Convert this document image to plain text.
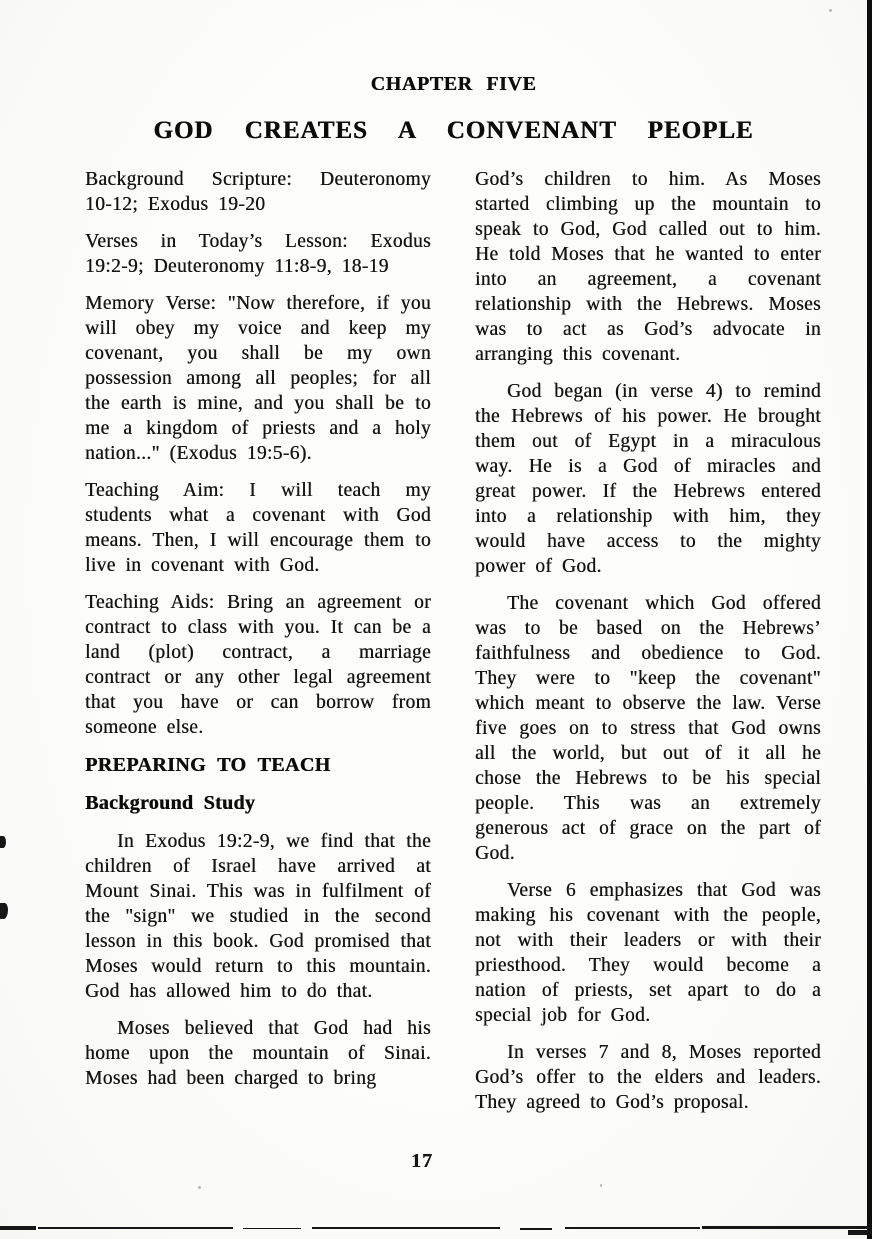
CHAPTER FIVE
GOD CREATES A CONVENANT PEOPLE

Background Scripture: Deuteronomy 10-12; Exodus 19-20

Verses in Today’s Lesson: Exodus 19:2-9; Deuteronomy 11:8-9, 18-19

Memory Verse: "Now therefore, if you will obey my voice and keep my covenant, you shall be my own possession among all peoples; for all the earth is mine, and you shall be to me a kingdom of priests and a holy nation..." (Exodus 19:5-6).

Teaching Aim: I will teach my students what a covenant with God means. Then, I will encourage them to live in covenant with God.

Teaching Aids: Bring an agreement or contract to class with you. It can be a land (plot) contract, a marriage contract or any other legal agreement that you have or can borrow from someone else.

PREPARING TO TEACH
Background Study

In Exodus 19:2-9, we find that the children of Israel have arrived at Mount Sinai. This was in fulfilment of the "sign" we studied in the second lesson in this book. God promised that Moses would return to this mountain. God has allowed him to do that.

Moses believed that God had his home upon the mountain of Sinai. Moses had been charged to bring

God’s children to him. As Moses started climbing up the mountain to speak to God, God called out to him. He told Moses that he wanted to enter into an agreement, a covenant relationship with the Hebrews. Moses was to act as God’s advocate in arranging this covenant.

God began (in verse 4) to remind the Hebrews of his power. He brought them out of Egypt in a miraculous way. He is a God of miracles and great power. If the Hebrews entered into a relationship with him, they would have access to the mighty power of God.

The covenant which God offered was to be based on the Hebrews’ faithfulness and obedience to God. They were to "keep the covenant" which meant to observe the law. Verse five goes on to stress that God owns all the world, but out of it all he chose the Hebrews to be his special people. This was an extremely generous act of grace on the part of God.

Verse 6 emphasizes that God was making his covenant with the people, not with their leaders or with their priesthood. They would become a nation of priests, set apart to do a special job for God.

In verses 7 and 8, Moses reported God’s offer to the elders and leaders. They agreed to God’s proposal.

17
